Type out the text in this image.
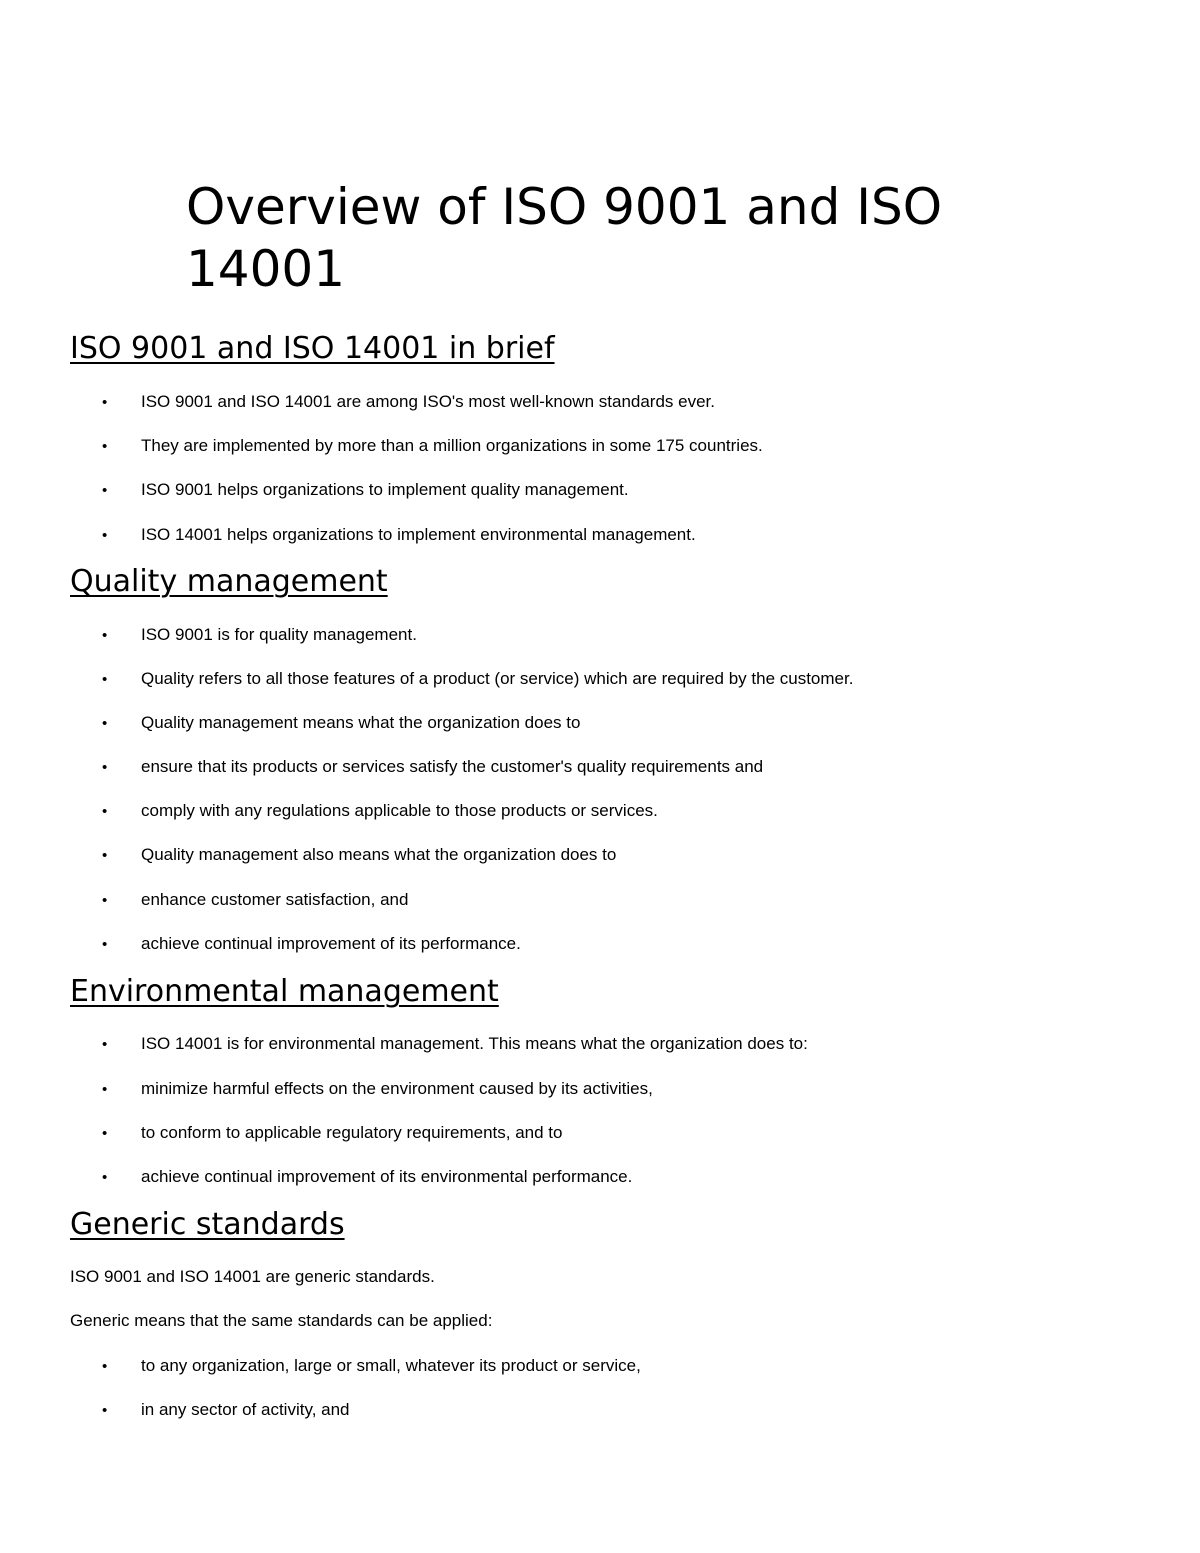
Overview of ISO 9001 and ISO 14001
ISO 9001 and ISO 14001 in brief
• ISO 9001 and ISO 14001 are among ISO's most well-known standards ever.
• They are implemented by more than a million organizations in some 175 countries.
• ISO 9001 helps organizations to implement quality management.
• ISO 14001 helps organizations to implement environmental management.
Quality management
• ISO 9001 is for quality management.
• Quality refers to all those features of a product (or service) which are required by the customer.
• Quality management means what the organization does to
• ensure that its products or services satisfy the customer's quality requirements and
• comply with any regulations applicable to those products or services.
• Quality management also means what the organization does to
• enhance customer satisfaction, and
• achieve continual improvement of its performance.
Environmental management
• ISO 14001 is for environmental management. This means what the organization does to:
• minimize harmful effects on the environment caused by its activities,
• to conform to applicable regulatory requirements, and to
• achieve continual improvement of its environmental performance.
Generic standards

ISO 9001 and ISO 14001 are generic standards.

Generic means that the same standards can be applied:

• to any organization, large or small, whatever its product or service,
• in any sector of activity, and
